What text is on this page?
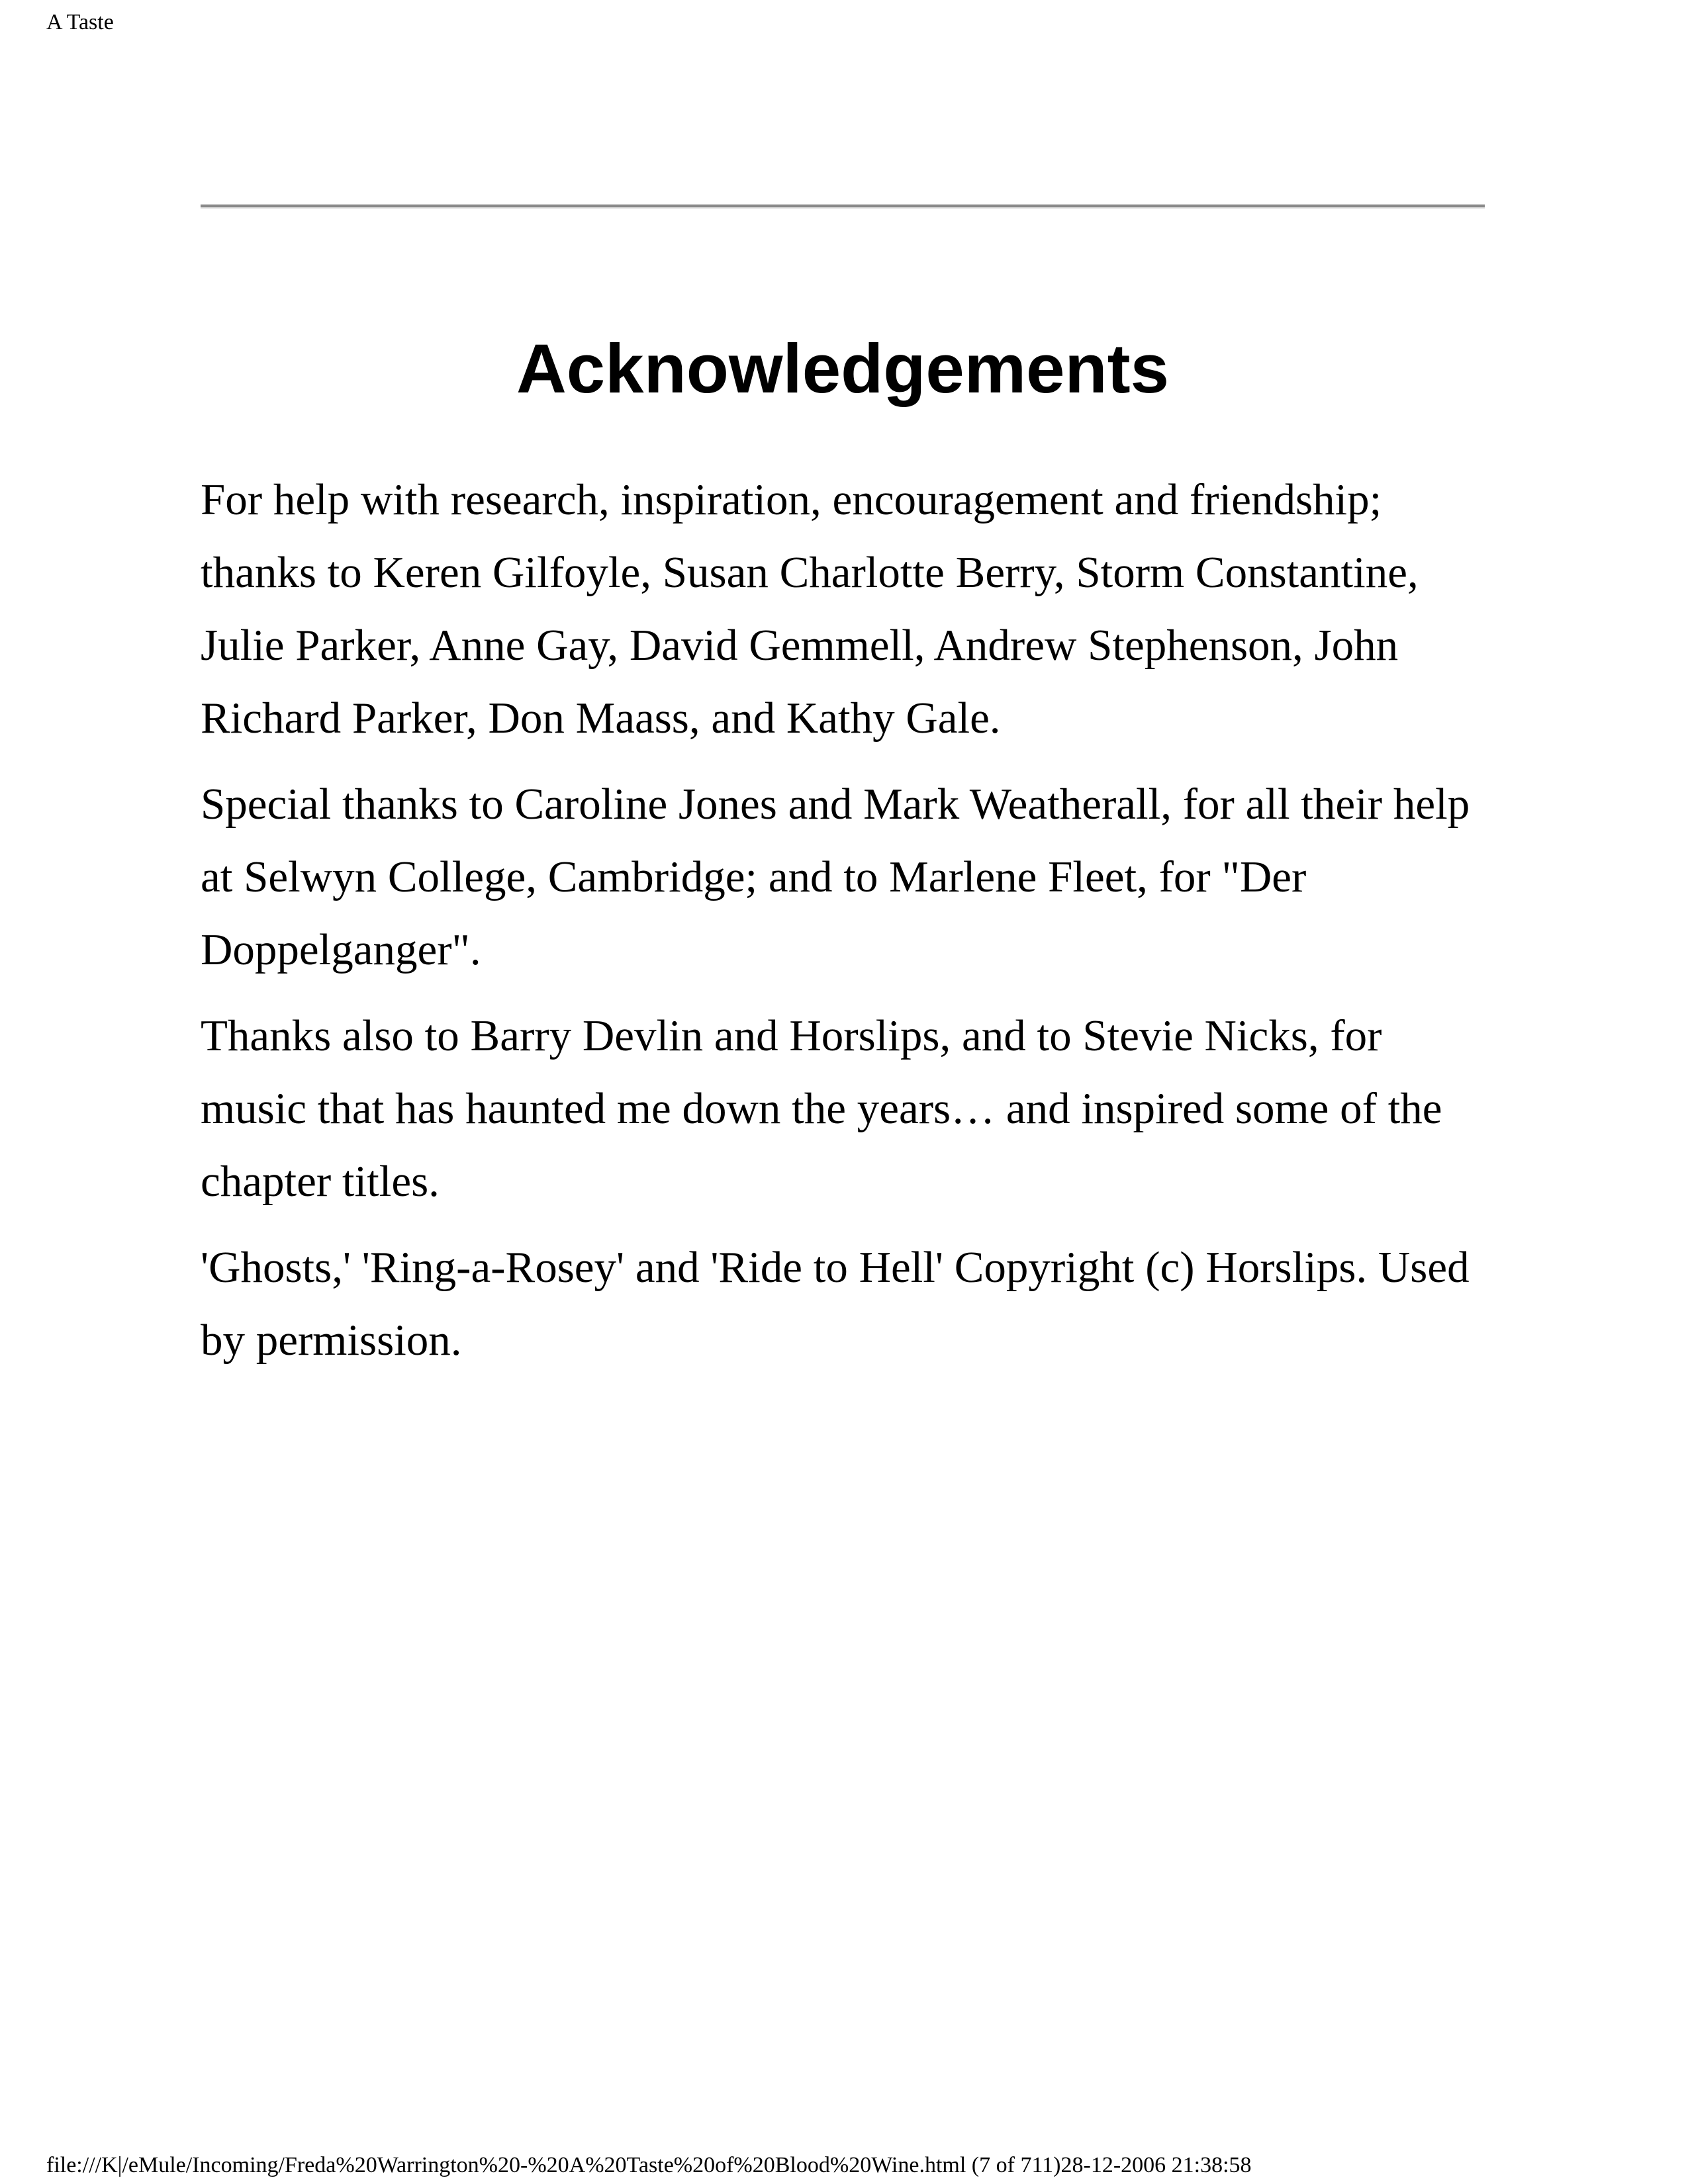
A Taste
Acknowledgements

For help with research, inspiration, encouragement and friendship; thanks to Keren Gilfoyle, Susan Charlotte Berry, Storm Constantine, Julie Parker, Anne Gay, David Gemmell, Andrew Stephenson, John Richard Parker, Don Maass, and Kathy Gale.

Special thanks to Caroline Jones and Mark Weatherall, for all their help at Selwyn College, Cambridge; and to Marlene Fleet, for "Der Doppelganger".

Thanks also to Barry Devlin and Horslips, and to Stevie Nicks, for music that has haunted me down the years… and inspired some of the chapter titles.

'Ghosts,' 'Ring-a-Rosey' and 'Ride to Hell' Copyright (c) Horslips. Used by permission.

file:///K|/eMule/Incoming/Freda%20Warrington%20-%20A%20Taste%20of%20Blood%20Wine.html (7 of 711)28-12-2006 21:38:58
